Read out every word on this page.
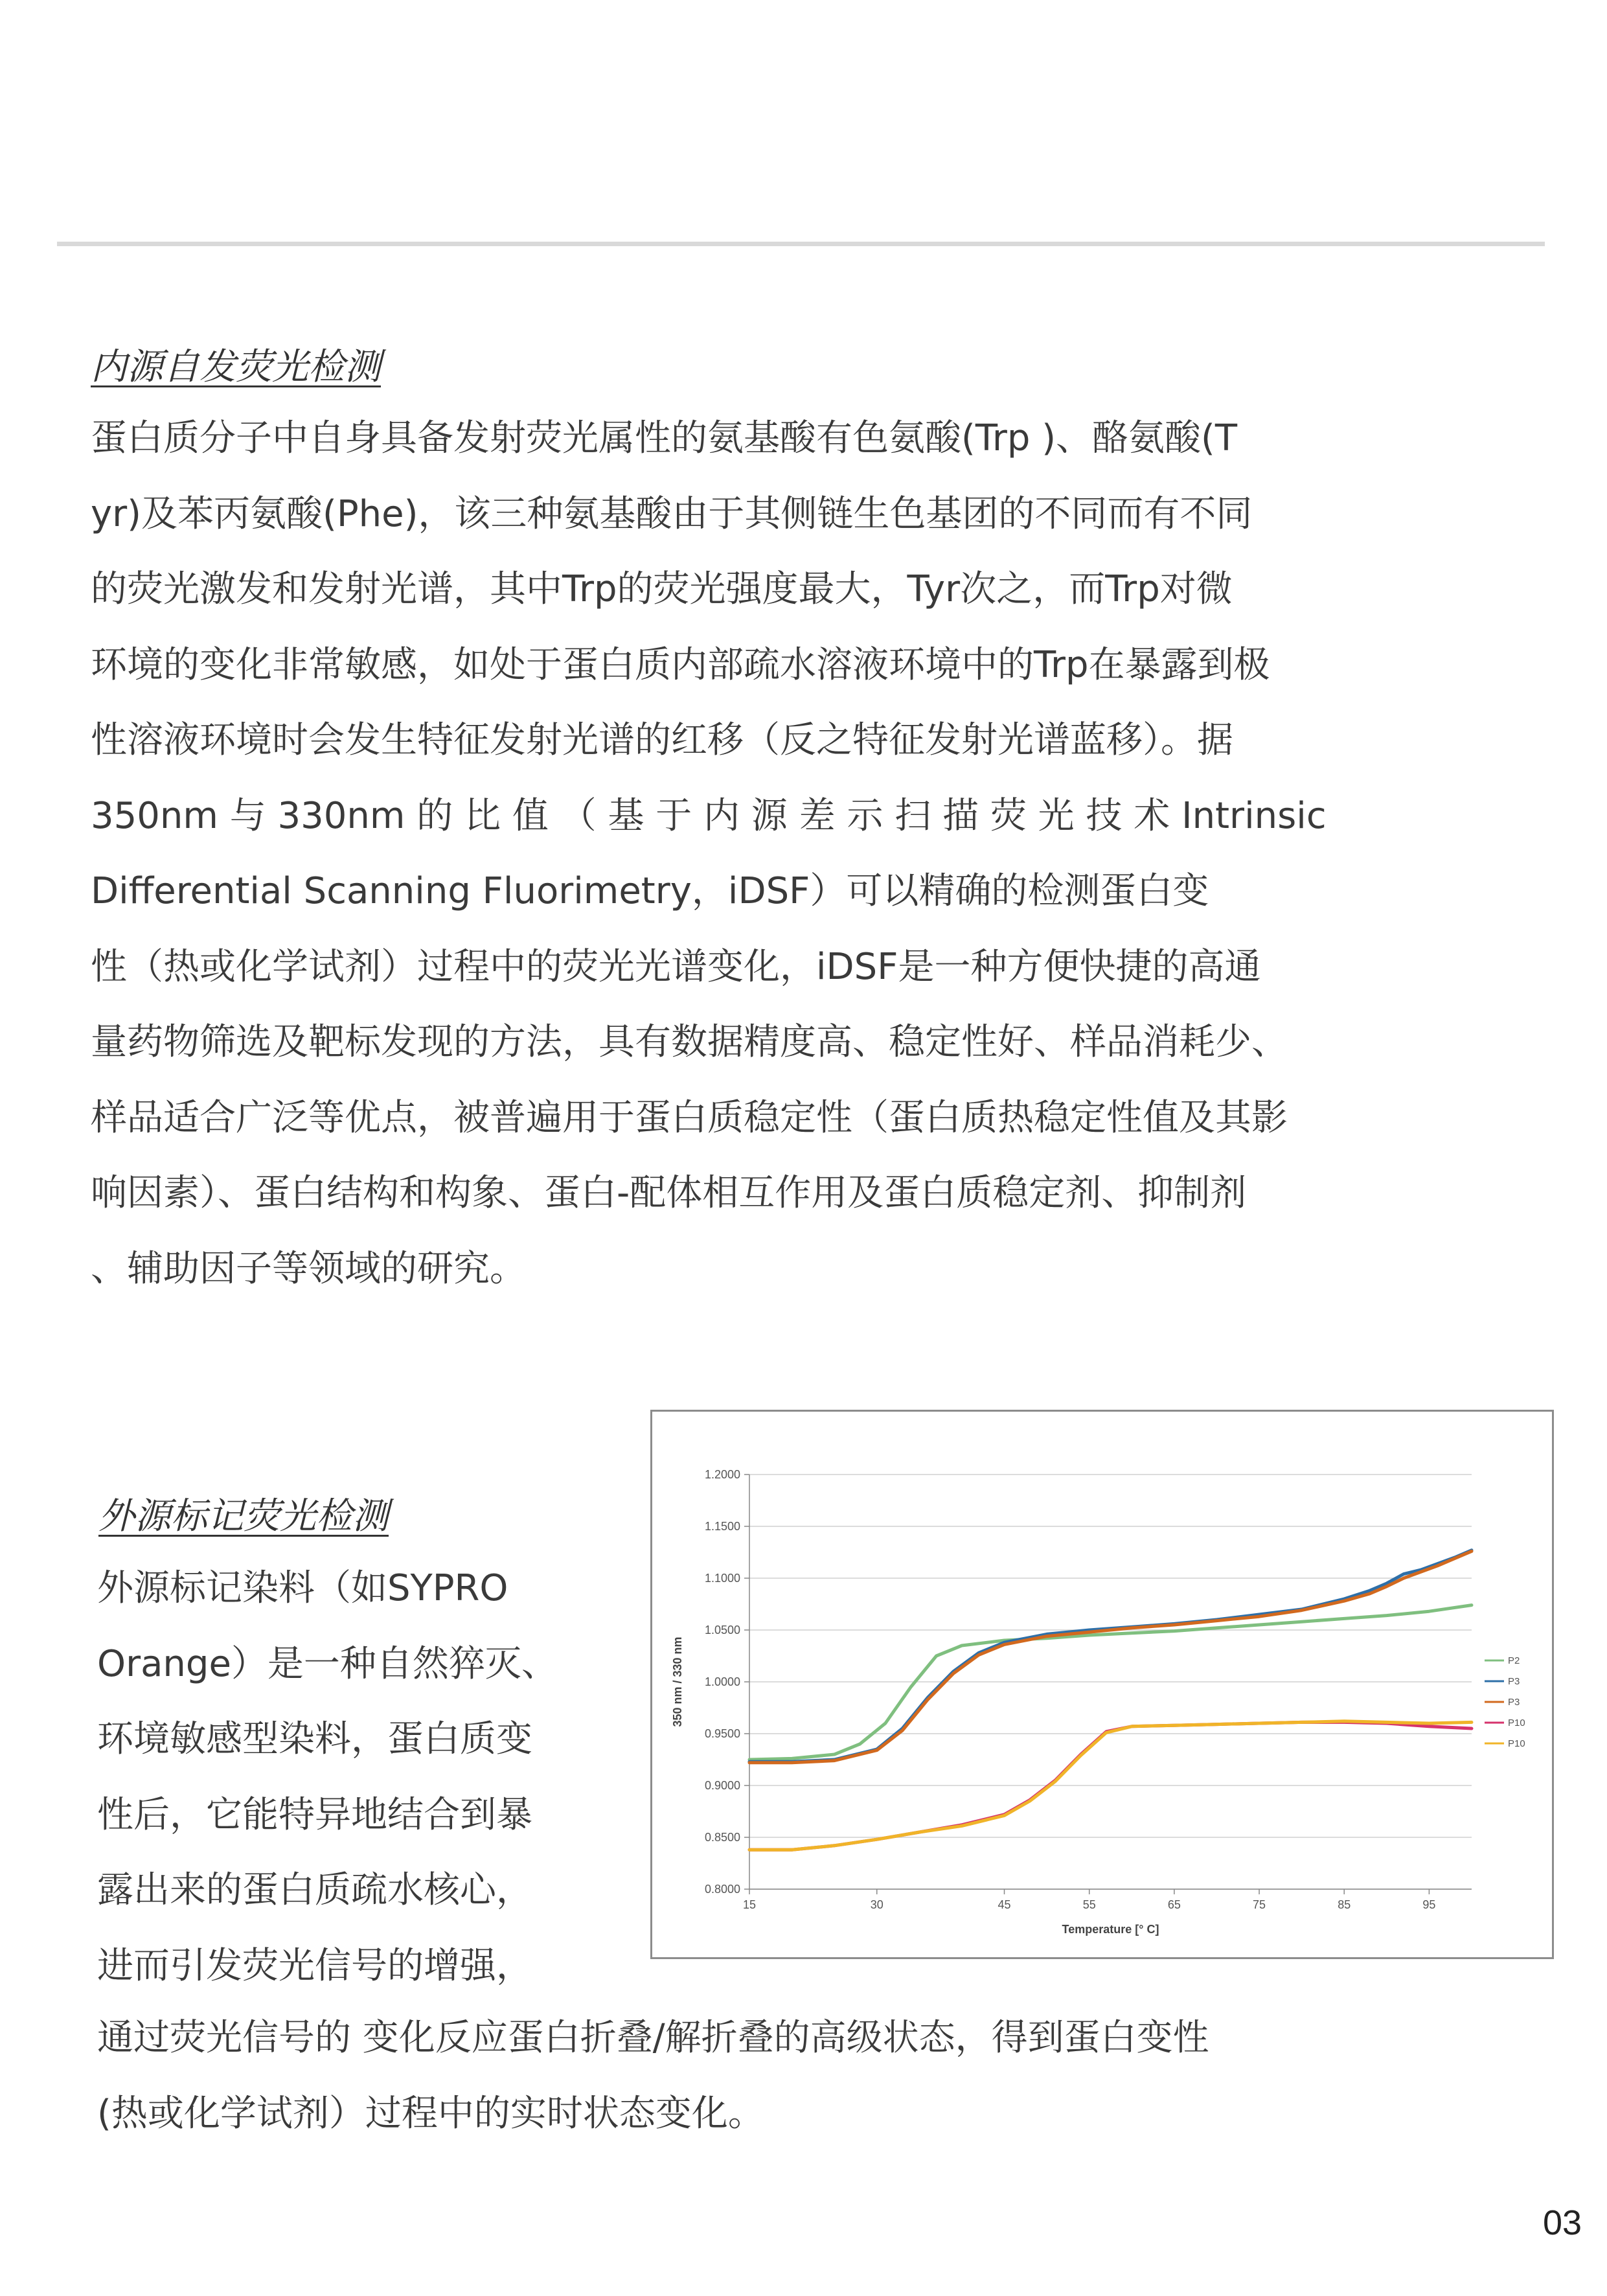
内源自发荧光检测
蛋白质分子中自身具备发射荧光属性的氨基酸有色氨酸(Trp )、酪氨酸(T
yr)及苯丙氨酸(Phe)，该三种氨基酸由于其侧链生色基团的不同而有不同
的荧光激发和发射光谱，其中Trp的荧光强度最大，Tyr次之，而Trp对微
环境的变化非常敏感，如处于蛋白质内部疏水溶液环境中的Trp在暴露到极
性溶液环境时会发生特征发射光谱的红移（反之特征发射光谱蓝移）。据
350nm 与 330nm 的 比 值 （ 基 于 内 源 差 示 扫 描 荧 光 技 术 Intrinsic
Differential Scanning Fluorimetry，iDSF）可以精确的检测蛋白变
性（热或化学试剂）过程中的荧光光谱变化，iDSF是一种方便快捷的高通
量药物筛选及靶标发现的方法，具有数据精度高、稳定性好、样品消耗少、
样品适合广泛等优点，被普遍用于蛋白质稳定性（蛋白质热稳定性值及其影
响因素）、蛋白结构和构象、蛋白-配体相互作用及蛋白质稳定剂、抑制剂
、辅助因子等领域的研究。
外源标记荧光检测
外源标记染料（如SYPRO
Orange）是一种自然猝灭、
环境敏感型染料，蛋白质变
性后，它能特异地结合到暴
露出来的蛋白质疏水核心，
进而引发荧光信号的增强，
通过荧光信号的 变化反应蛋白折叠/解折叠的高级状态，得到蛋白变性
(热或化学试剂）过程中的实时状态变化。
0.8000
0.8500
0.9000
0.9500
1.0000
1.0500
1.1000
1.1500
1.2000
15	30	45	55	65	75	85	95
Temperature [° C]
350 nm / 330 nm	P2
P3
P3
P10
P10
03
